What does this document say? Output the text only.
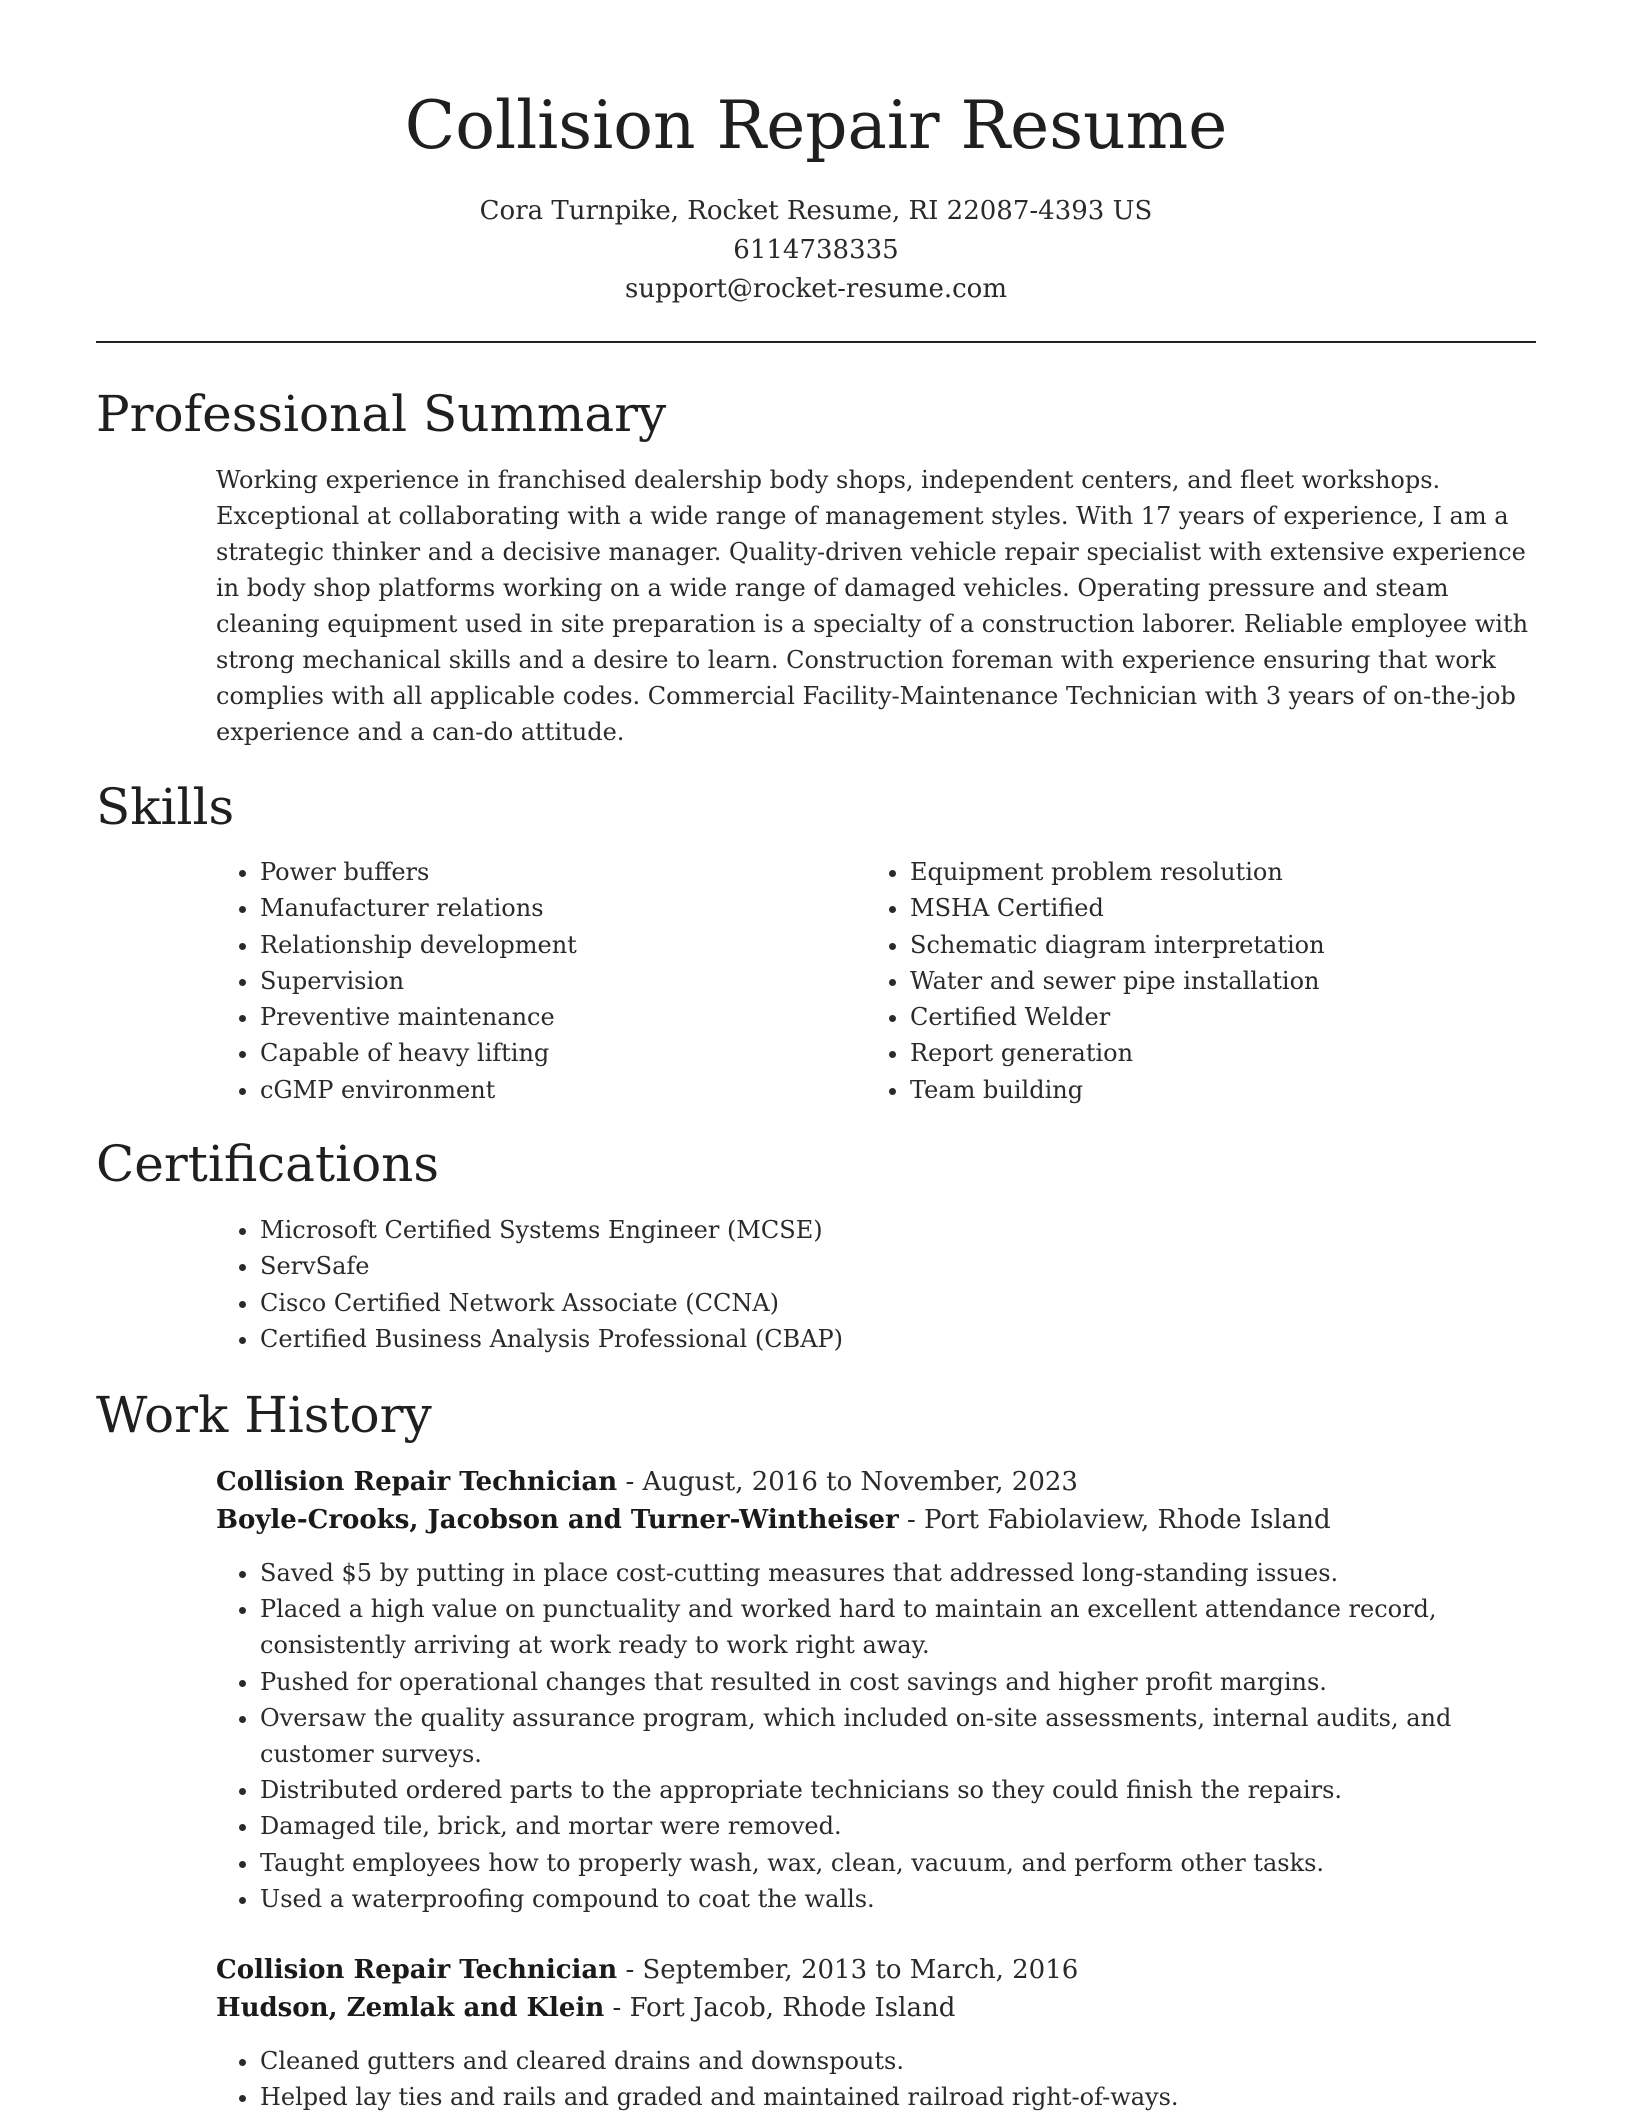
Collision Repair Resume
Cora Turnpike, Rocket Resume, RI 22087-4393 US
6114738335
support@rocket-resume.com
Professional Summary

Working experience in franchised dealership body shops, independent centers, and fleet workshops. Exceptional at collaborating with a wide range of management styles. With 17 years of experience, I am a strategic thinker and a decisive manager. Quality-driven vehicle repair specialist with extensive experience in body shop platforms working on a wide range of damaged vehicles. Operating pressure and steam cleaning equipment used in site preparation is a specialty of a construction laborer. Reliable employee with strong mechanical skills and a desire to learn. Construction foreman with experience ensuring that work complies with all applicable codes. Commercial Facility-Maintenance Technician with 3 years of on-the-job experience and a can-do attitude.

Skills
• Power buffers
• Manufacturer relations
• Relationship development
• Supervision
• Preventive maintenance
• Capable of heavy lifting
• cGMP environment
• Equipment problem resolution
• MSHA Certified
• Schematic diagram interpretation
• Water and sewer pipe installation
• Certified Welder
• Report generation
• Team building
Certifications
• Microsoft Certified Systems Engineer (MCSE)
• ServSafe
• Cisco Certified Network Associate (CCNA)
• Certified Business Analysis Professional (CBAP)
Work History
Collision Repair Technician - August, 2016 to November, 2023
Boyle-Crooks, Jacobson and Turner-Wintheiser - Port Fabiolaview, Rhode Island
• Saved $5 by putting in place cost-cutting measures that addressed long-standing issues.
• Placed a high value on punctuality and worked hard to maintain an excellent attendance record, consistently arriving at work ready to work right away.
• Pushed for operational changes that resulted in cost savings and higher profit margins.
• Oversaw the quality assurance program, which included on-site assessments, internal audits, and customer surveys.
• Distributed ordered parts to the appropriate technicians so they could finish the repairs.
• Damaged tile, brick, and mortar were removed.
• Taught employees how to properly wash, wax, clean, vacuum, and perform other tasks.
• Used a waterproofing compound to coat the walls.
Collision Repair Technician - September, 2013 to March, 2016
Hudson, Zemlak and Klein - Fort Jacob, Rhode Island
• Cleaned gutters and cleared drains and downspouts.
• Helped lay ties and rails and graded and maintained railroad right-of-ways.
